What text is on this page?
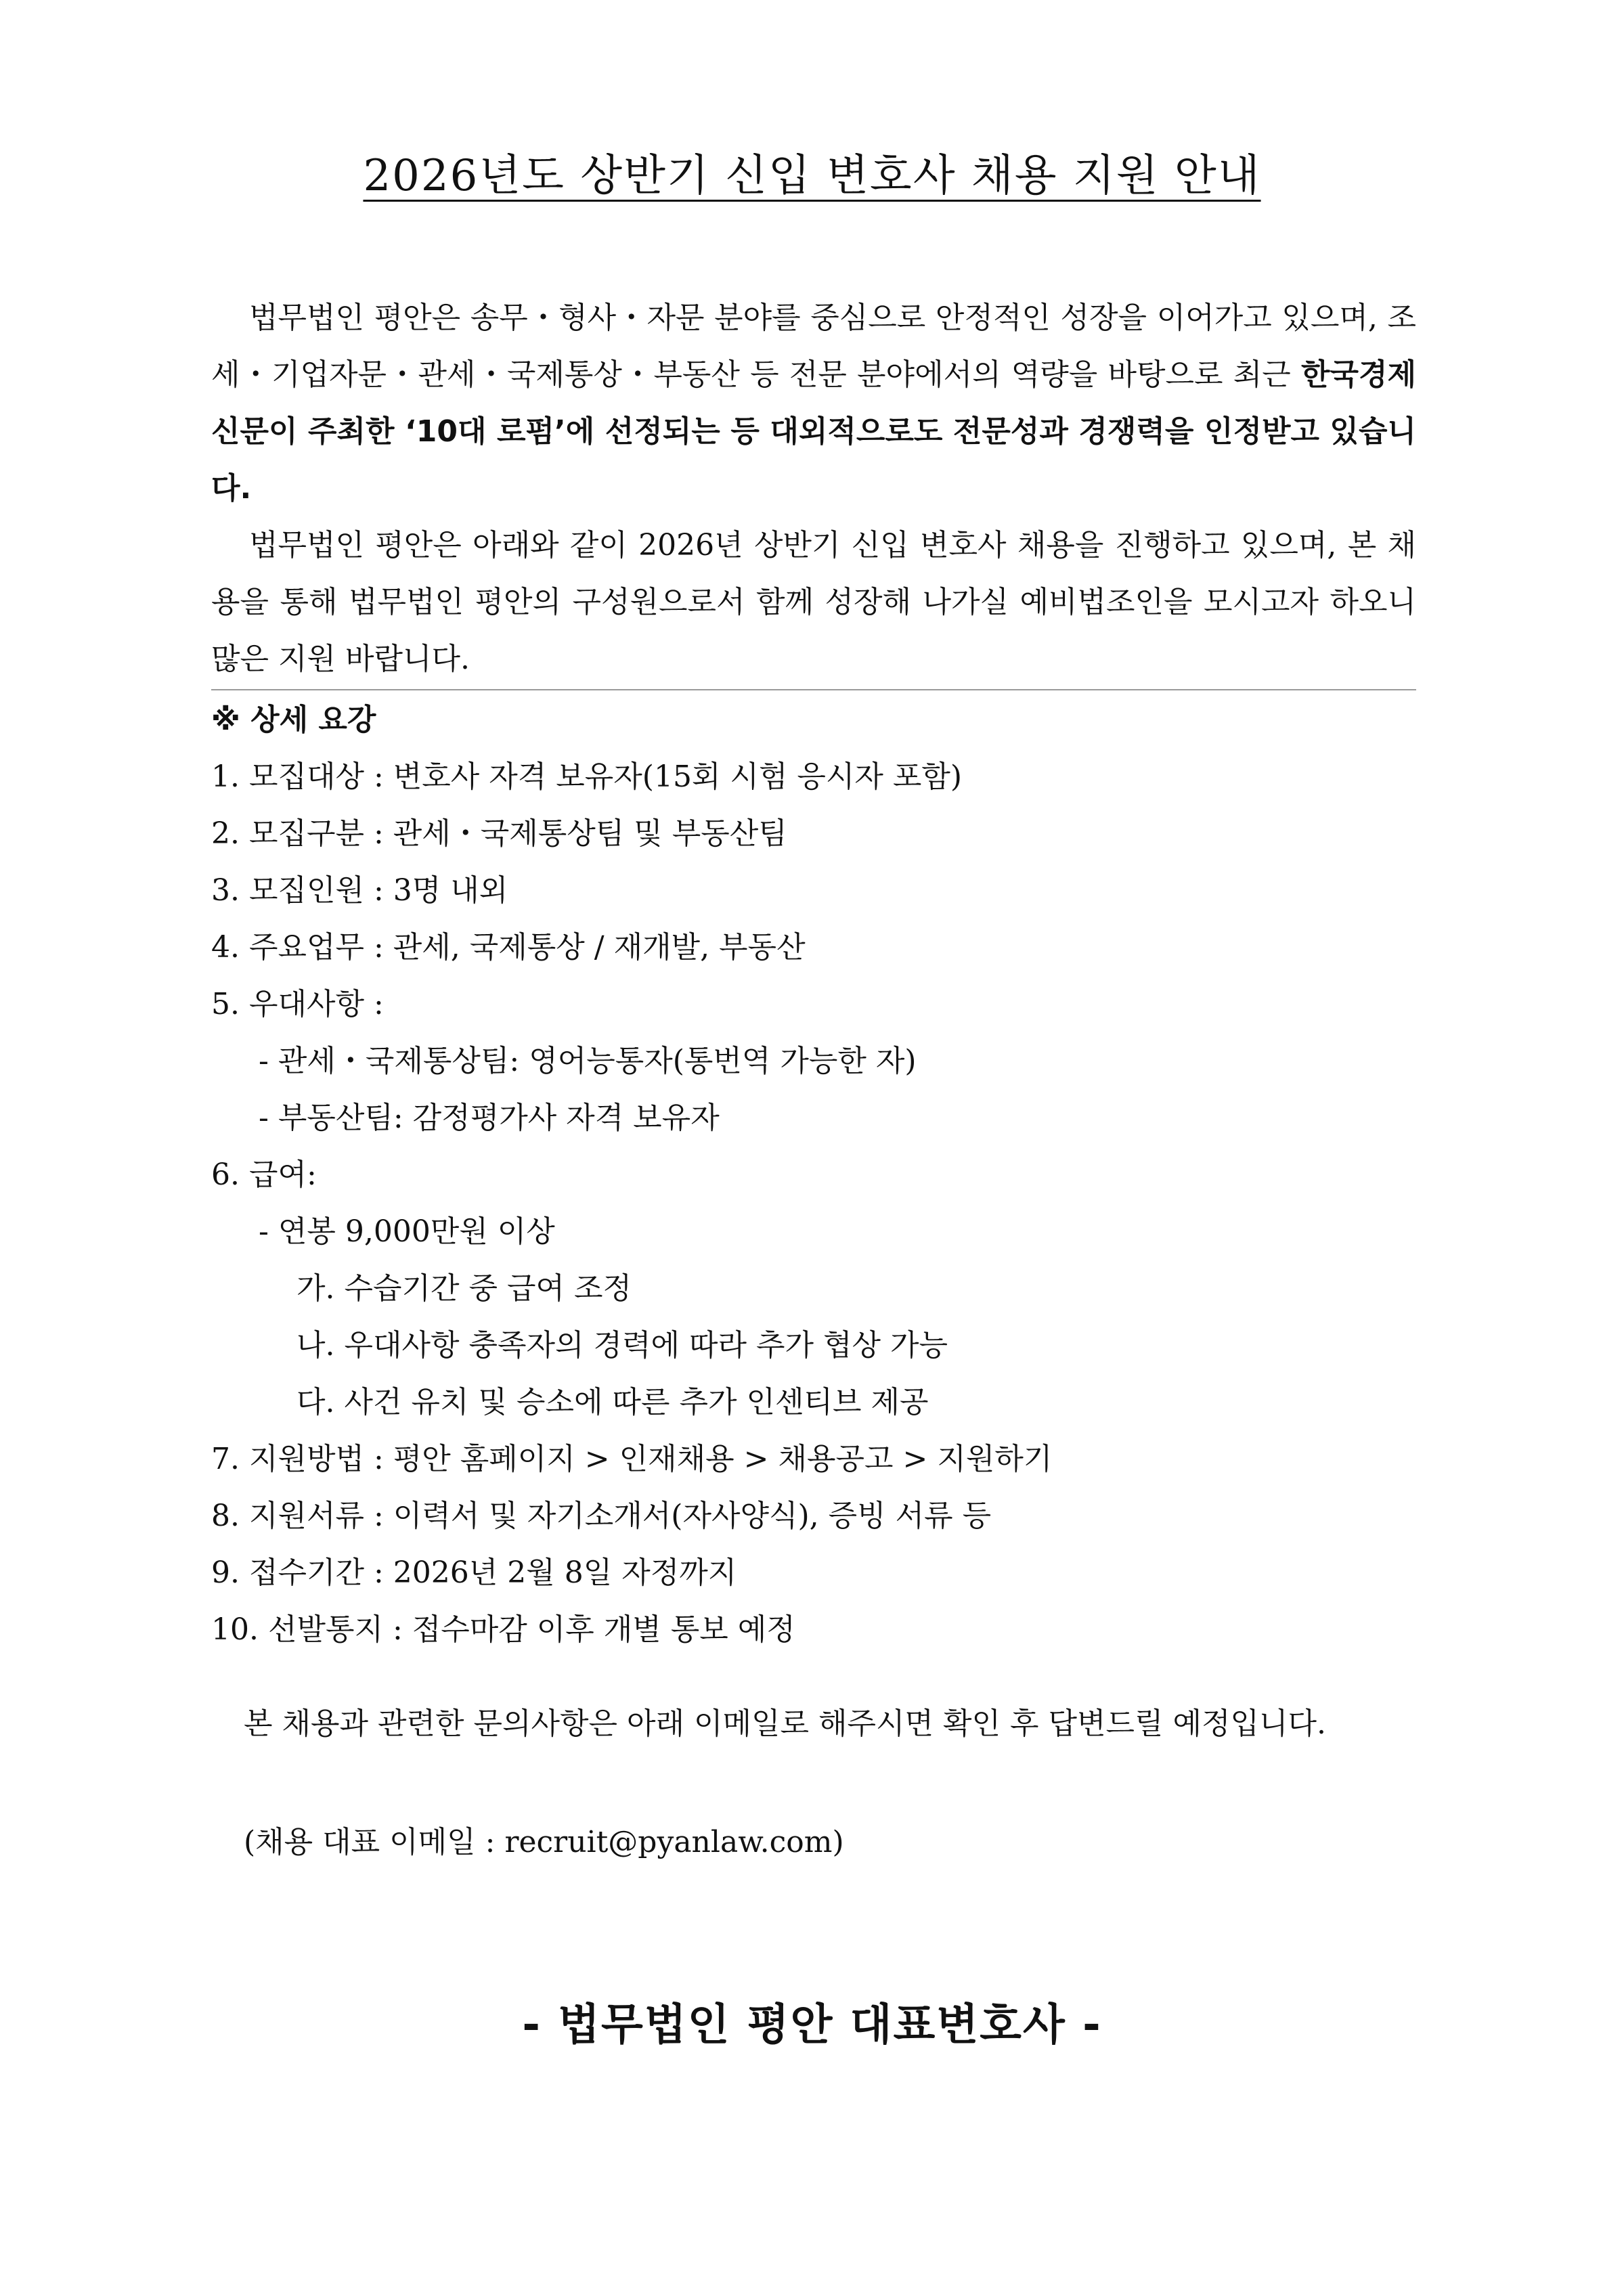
2026년도 상반기 신입 변호사 채용 지원 안내
법무법인 평안은 송무・형사・자문 분야를 중심으로 안정적인 성장을 이어가고 있으며, 조세・기업자문・관세・국제통상・부동산 등 전문 분야에서의 역량을 바탕으로 최근 한국경제신문이 주최한 ‘10대 로펌’에 선정되는 등 대외적으로도 전문성과 경쟁력을 인정받고 있습니다.
법무법인 평안은 아래와 같이 2026년 상반기 신입 변호사 채용을 진행하고 있으며, 본 채용을 통해 법무법인 평안의 구성원으로서 함께 성장해 나가실 예비법조인을 모시고자 하오니 많은 지원 바랍니다.
※ 상세 요강
1. 모집대상 : 변호사 자격 보유자(15회 시험 응시자 포함)
2. 모집구분 : 관세・국제통상팀 및 부동산팀
3. 모집인원 : 3명 내외
4. 주요업무 : 관세, 국제통상 / 재개발, 부동산
5. 우대사항 :
- 관세・국제통상팀: 영어능통자(통번역 가능한 자)
- 부동산팀: 감정평가사 자격 보유자
6. 급여:
- 연봉 9,000만원 이상
가. 수습기간 중 급여 조정
나. 우대사항 충족자의 경력에 따라 추가 협상 가능
다. 사건 유치 및 승소에 따른 추가 인센티브 제공
7. 지원방법 : 평안 홈페이지 > 인재채용 > 채용공고 > 지원하기
8. 지원서류 : 이력서 및 자기소개서(자사양식), 증빙 서류 등
9. 접수기간 : 2026년 2월 8일 자정까지
10. 선발통지 : 접수마감 이후 개별 통보 예정
본 채용과 관련한 문의사항은 아래 이메일로 해주시면 확인 후 답변드릴 예정입니다.
(채용 대표 이메일 : recruit@pyanlaw.com)
- 법무법인 평안 대표변호사 -
